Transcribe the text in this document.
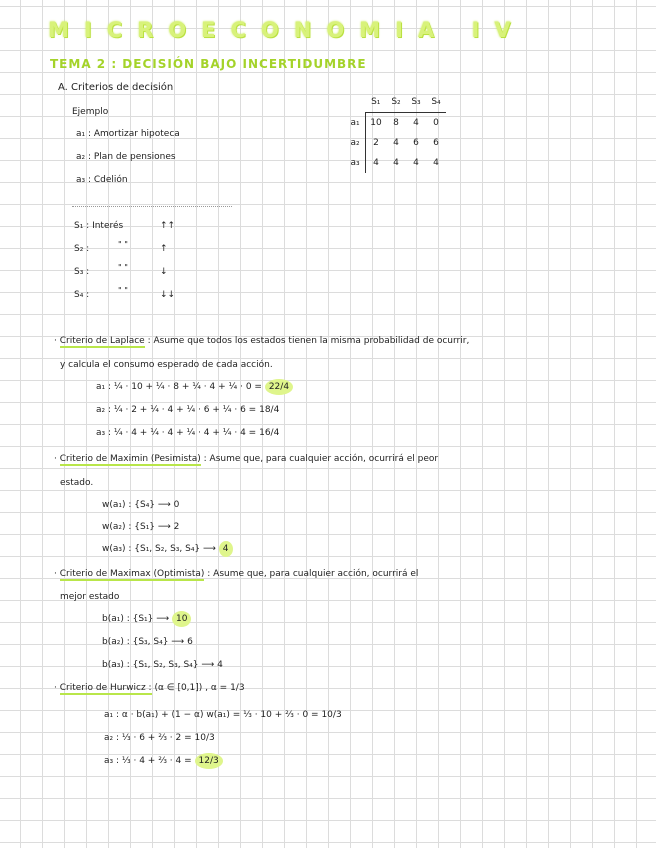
MICROECONOMIA IV
TEMA 2 : DECISIÓN BAJO INCERTIDUMBRE
A. Criterios de decisión
Ejemplo
a₁ : Amortizar hipoteca
a₂ : Plan de pensiones
a₃ : Cdelión
S₁ : Interés	↑↑
S₂ :	" "	↑
S₃ :	" "	↓
S₄ :	" "	↓↓
	S₁	S₂	S₃	S₄
a₁	10	8	4	0
a₂	2	4	6	6
a₃	4	4	4	4
· Criterio de Laplace : Asume que todos los estados tienen la misma probabilidad de ocurrir,
y calcula el consumo esperado de cada acción.
a₁ : ¼ · 10 + ¼ · 8 + ¼ · 4 + ¼ · 0 = 22/4
a₂ : ¼ · 2 + ¼ · 4 + ¼ · 6 + ¼ · 6 = 18/4
a₃ : ¼ · 4 + ¼ · 4 + ¼ · 4 + ¼ · 4 = 16/4
· Criterio de Maximin (Pesimista) : Asume que, para cualquier acción, ocurrirá el peor
estado.
w(a₁) : {S₄} ⟶ 0
w(a₂) : {S₁} ⟶ 2
w(a₃) : {S₁, S₂, S₃, S₄} ⟶ 4
· Criterio de Maximax (Optimista) : Asume que, para cualquier acción, ocurrirá el
mejor estado
b(a₁) : {S₁} ⟶ 10
b(a₂) : {S₃, S₄} ⟶ 6
b(a₃) : {S₁, S₂, S₃, S₄} ⟶ 4
· Criterio de Hurwicz : (α ∈ [0,1]) , α = 1/3
a₁ : α · b(a₁) + (1 − α) w(a₁) = ⅓ · 10 + ⅔ · 0 = 10/3
a₂ : ⅓ · 6 + ⅔ · 2 = 10/3
a₃ : ⅓ · 4 + ⅔ · 4 = 12/3
